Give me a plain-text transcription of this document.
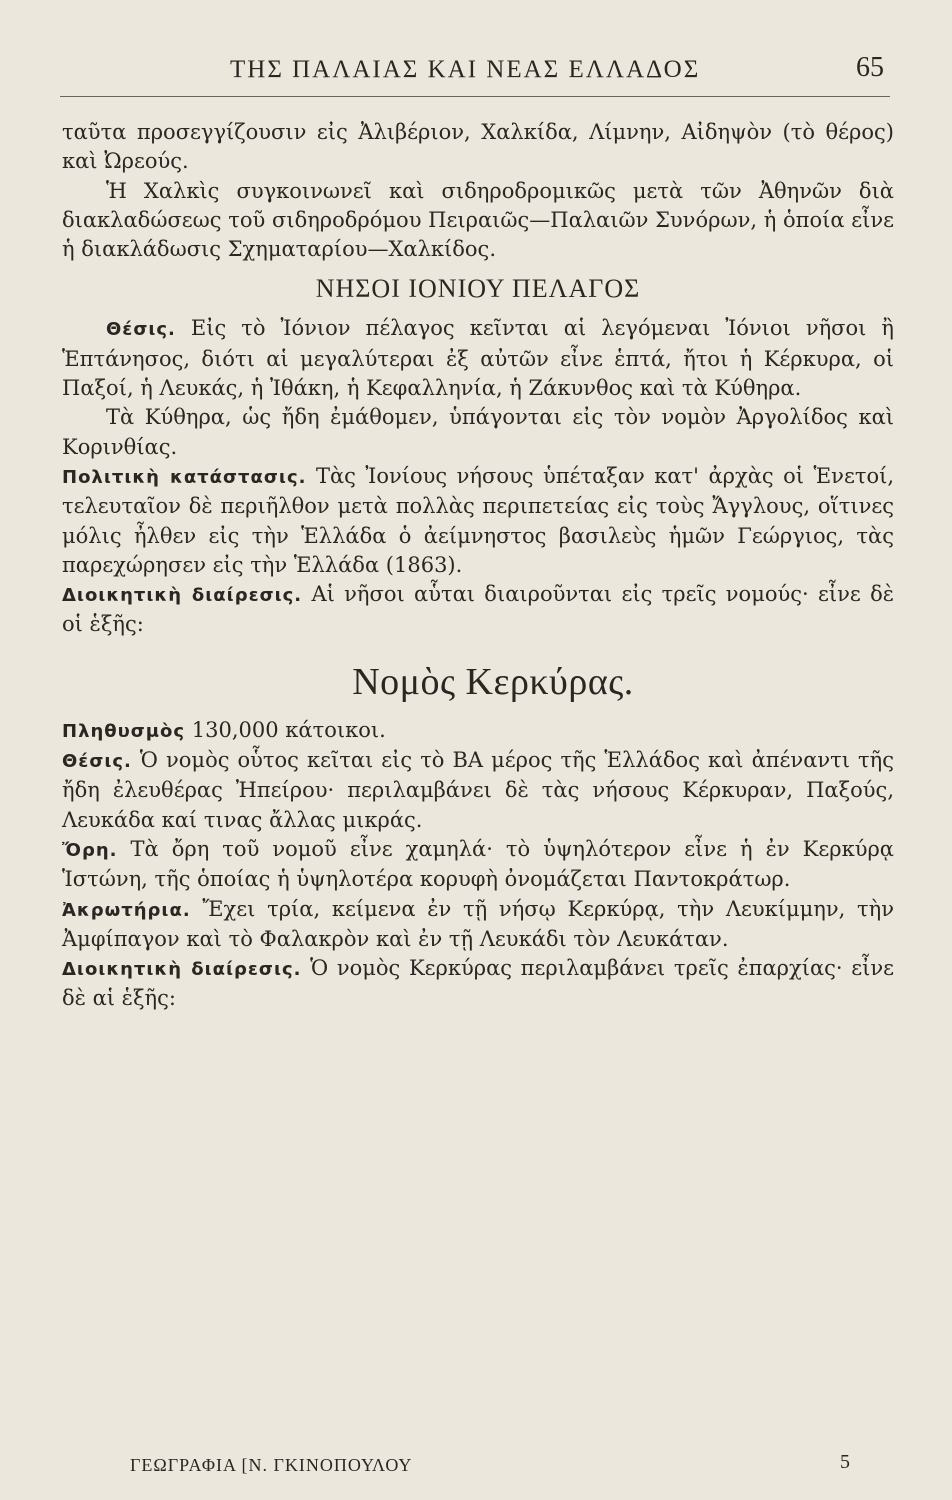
ΤΗΣ ΠΑΛΑΙΑΣ ΚΑΙ ΝΕΑΣ ΕΛΛΑΔΟΣ	65

ταῦτα προσεγγίζουσιν εἰς Ἀλιβέριον, Χαλκίδα, Λίμνην, Αἰδηψὸν (τὸ θέρος) καὶ Ὠρεούς.

Ἡ Χαλκὶς συγκοινωνεῖ καὶ σιδηροδρομικῶς μετὰ τῶν Ἀθηνῶν διὰ διακλαδώσεως τοῦ σιδηροδρόμου Πειραιῶς—Παλαιῶν Συνόρων, ἡ ὁποία εἶνε ἡ διακλάδωσις Σχηματαρίου—Χαλκίδος.

ΝΗΣΟΙ ΙΟΝΙΟΥ ΠΕΛΑΓΟΣ

Θέσις. Εἰς τὸ Ἰόνιον πέλαγος κεῖνται αἱ λεγόμεναι Ἰόνιοι νῆσοι ἢ Ἑπτάνησος, διότι αἱ μεγαλύτεραι ἐξ αὐτῶν εἶνε ἑπτά, ἤτοι ἡ Κέρκυρα, οἱ Παξοί, ἡ Λευκάς, ἡ Ἰθάκη, ἡ Κεφαλληνία, ἡ Ζάκυνθος καὶ τὰ Κύθηρα.

Τὰ Κύθηρα, ὡς ἤδη ἐμάθομεν, ὑπάγονται εἰς τὸν νομὸν Ἀργολίδος καὶ Κορινθίας.

Πολιτικὴ κατάστασις. Τὰς Ἰονίους νήσους ὑπέταξαν κατ' ἀρχὰς οἱ Ἑνετοί, τελευταῖον δὲ περιῆλθον μετὰ πολλὰς περιπετείας εἰς τοὺς Ἄγγλους, οἵτινες μόλις ἦλθεν εἰς τὴν Ἑλλάδα ὁ ἀείμνηστος βασιλεὺς ἡμῶν Γεώργιος, τὰς παρεχώρησεν εἰς τὴν Ἑλλάδα (1863).

Διοικητικὴ διαίρεσις. Αἱ νῆσοι αὗται διαιροῦνται εἰς τρεῖς νομούς· εἶνε δὲ οἱ ἑξῆς:

Νομὸς Κερκύρας.

Πληθυσμὸς 130,000 κάτοικοι.

Θέσις. Ὁ νομὸς οὗτος κεῖται εἰς τὸ ΒΑ μέρος τῆς Ἑλλάδος καὶ ἀπέναντι τῆς ἤδη ἐλευθέρας Ἠπείρου· περιλαμβάνει δὲ τὰς νήσους Κέρκυραν, Παξούς, Λευκάδα καί τινας ἄλλας μικράς.

Ὄρη. Τὰ ὄρη τοῦ νομοῦ εἶνε χαμηλά· τὸ ὑψηλότερον εἶνε ἡ ἐν Κερκύρᾳ Ἱστώνη, τῆς ὁποίας ἡ ὑψηλοτέρα κορυφὴ ὀνομάζεται Παντοκράτωρ.

Ἀκρωτήρια. Ἔχει τρία, κείμενα ἐν τῇ νήσῳ Κερκύρᾳ, τὴν Λευκίμμην, τὴν Ἀμφίπαγον καὶ τὸ Φαλακρὸν καὶ ἐν τῇ Λευκάδι τὸν Λευκάταν.

Διοικητικὴ διαίρεσις. Ὁ νομὸς Κερκύρας περιλαμβάνει τρεῖς ἐπαρχίας· εἶνε δὲ αἱ ἑξῆς:

ΓΕΩΓΡΑΦΙΑ [Ν. ΓΚΙΝΟΠΟΥΛΟΥ	5
